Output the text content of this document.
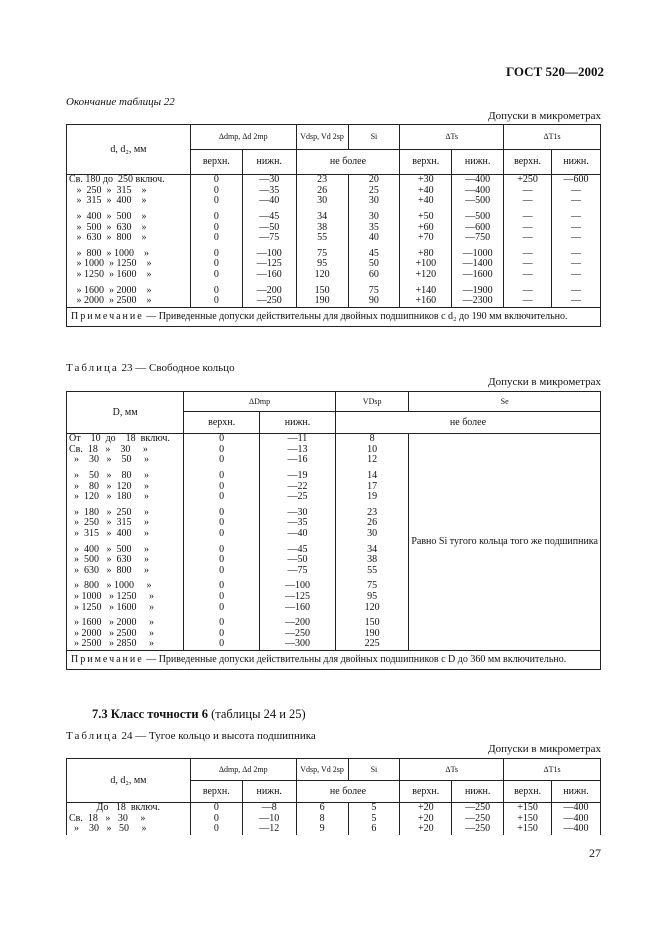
ГОСТ 520—2002
Окончание таблицы 22
Допуски в микрометрах
d, d₂, мм	Δdmp, Δd 2mp		Vdsp, Vd 2sp	Si	ΔTs		ΔT1s	
	верхн.	нижн.	не более		верхн.	нижн.	верхн.	нижн.
Св. 180 до  250 включ.	0	—30	23	20	+30	—400	+250	—600
»  250  »  315    »	0	—35	26	25	+40	—400	—	—
»  315  »  400    »	0	—40	30	30	+40	—500	—	—

»  400  »  500    »	0	—45	34	30	+50	—500	—	—
»  500  »  630    »	0	—50	38	35	+60	—600	—	—
»  630  »  800    »	0	—75	55	40	+70	—750	—	—

»  800  » 1000    »	0	—100	75	45	+80	—1000	—	—
» 1000  » 1250    »	0	—125	95	50	+100	—1400	—	—
» 1250  » 1600    »	0	—160	120	60	+120	—1600	—	—

» 1600  » 2000    »	0	—200	150	75	+140	—1900	—	—
» 2000  » 2500    »	0	—250	190	90	+160	—2300	—	—
Примечание — Приведенные допуски действительны для двойных подшипников с d₂ до 190 мм включительно.								
Таблица 23 — Свободное кольцо
Допуски в микрометрах
D, мм	ΔDmp		VDsp	Se
	верхн.	нижн.	не более	
От    10  до    18  включ.	0	—11	8	Равно Si тугого кольца того же подшипника
Св.  18   »    30     »	0	—13	10	
»    30   »    50     »	0	—16	12	

»    50   »    80     »	0	—19	14	
»    80   »  120     »	0	—22	17	
»  120   »  180     »	0	—25	19	

»  180   »  250     »	0	—30	23	
»  250   »  315     »	0	—35	26	
»  315   »  400     »	0	—40	30	

»  400   »  500     »	0	—45	34	
»  500   »  630     »	0	—50	38	
»  630   »  800     »	0	—75	55	

»  800   » 1000     »	0	—100	75	
» 1000   » 1250     »	0	—125	95	
» 1250   » 1600     »	0	—160	120	

» 1600   » 2000     »	0	—200	150	
» 2000   » 2500     »	0	—250	190	
» 2500   » 2850     »	0	—300	225	
Примечание — Приведенные допуски действительны для двойных подшипников с D до 360 мм включительно.				
7.3 Класс точности 6 (таблицы 24 и 25)
Таблица 24 — Тугое кольцо и высота подшипника
Допуски в микрометрах
d, d₂, мм	Δdmp, Δd 2mp		Vdsp, Vd 2sp	Si	ΔTs		ΔT1s	
	верхн.	нижн.	не более		верхн.	нижн.	верхн.	нижн.
До   18  включ.	0	—8	6	5	+20	—250	+150	—400
Св.  18   »   30     »	0	—10	8	5	+20	—250	+150	—400
»    30   »   50     »	0	—12	9	6	+20	—250	+150	—400
27
